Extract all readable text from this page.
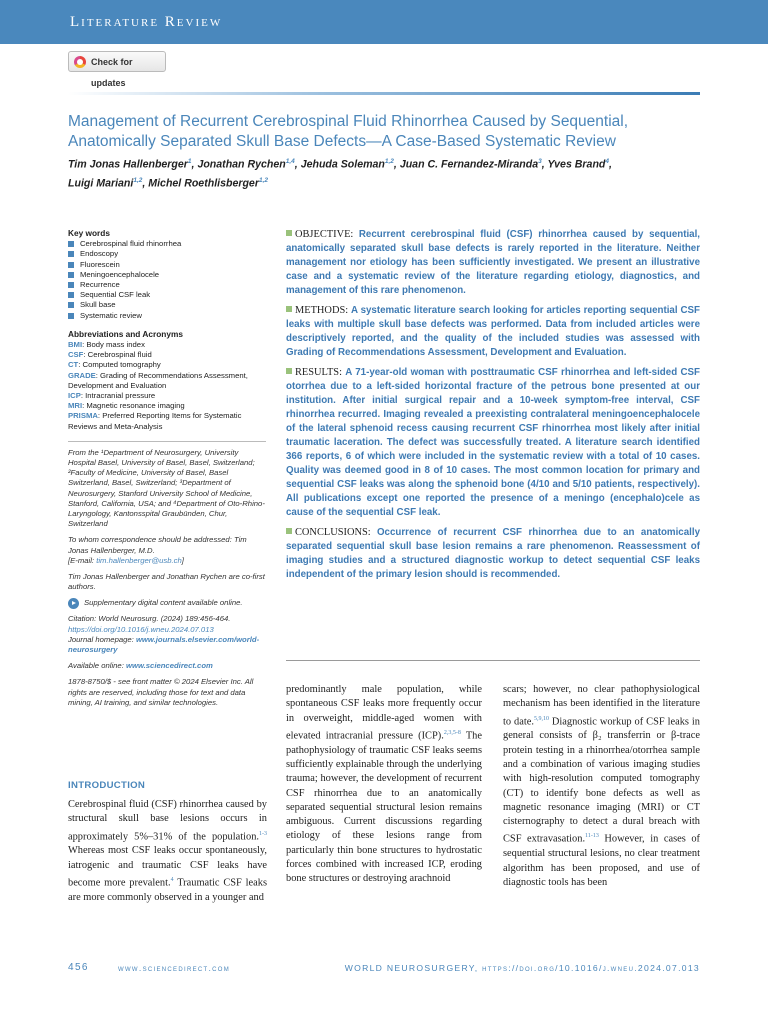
Literature Review
Check for updates
Management of Recurrent Cerebrospinal Fluid Rhinorrhea Caused by Sequential, Anatomically Separated Skull Base Defects—A Case-Based Systematic Review
Tim Jonas Hallenberger$^1$, Jonathan Rychen$^{1,4}$, Jehuda Soleman$^{1,2}$, Juan C. Fernandez-Miranda$^3$, Yves Brand$^4$,
Luigi Mariani$^{1,2}$, Michel Roethlisberger$^{1,2}$
Key words
Cerebrospinal fluid rhinorrhea
Endoscopy
Fluorescein
Meningoencephalocele
Recurrence
Sequential CSF leak
Skull base
Systematic review
Abbreviations and Acronyms
BMI: Body mass index
CSF: Cerebrospinal fluid
CT: Computed tomography
GRADE: Grading of Recommendations Assessment, Development and Evaluation
ICP: Intracranial pressure
MRI: Magnetic resonance imaging
PRISMA: Preferred Reporting Items for Systematic Reviews and Meta-Analysis
From the ¹Department of Neurosurgery, University Hospital Basel, University of Basel, Basel, Switzerland; ²Faculty of Medicine, University of Basel, Basel Switzerland, Basel, Switzerland; ³Department of Neurosurgery, Stanford University School of Medicine, Stanford, California, USA; and ⁴Department of Oto-Rhino-Laryngology, Kantonsspital Graubünden, Chur, Switzerland
To whom correspondence should be addressed: Tim Jonas Hallenberger, M.D.
[E-mail: tim.hallenberger@usb.ch]
Tim Jonas Hallenberger and Jonathan Rychen are co-first authors.
Supplementary digital content available online.
Citation: World Neurosurg. (2024) 189:456-464.
https://doi.org/10.1016/j.wneu.2024.07.013
Journal homepage: www.journals.elsevier.com/world-neurosurgery
Available online: www.sciencedirect.com
1878-8750/$ - see front matter © 2024 Elsevier Inc. All rights are reserved, including those for text and data mining, AI training, and similar technologies.

OBJECTIVE: Recurrent cerebrospinal fluid (CSF) rhinorrhea caused by sequential, anatomically separated skull base defects is rarely reported in the literature. Neither management nor etiology has been sufficiently investigated. We present an illustrative case and a systematic review of the literature regarding etiology, diagnostics, and management of this rare phenomenon.

METHODS: A systematic literature search looking for articles reporting sequential CSF leaks with multiple skull base defects was performed. Data from included articles were descriptively reported, and the quality of the included studies was assessed with Grading of Recommendations Assessment, Development and Evaluation.

RESULTS: A 71-year-old woman with posttraumatic CSF rhinorrhea and left-sided CSF otorrhea due to a left-sided horizontal fracture of the petrous bone presented at our institution. After initial surgical repair and a 10-week symptom-free interval, CSF rhinorrhea recurred. Imaging revealed a preexisting contralateral meningoencephalocele of the lateral sphenoid recess causing recurrent CSF rhinorrhea most likely after initial traumatic laceration. The defect was successfully treated. A literature search identified 366 reports, 6 of which were included in the systematic review with a total of 10 cases. Quality was deemed good in 8 of 10 cases. The most common location for primary and sequential CSF leaks was along the sphenoid bone (4/10 and 5/10 patients, respectively). All publications except one reported the presence of a meningo (encephalo)cele as cause of the sequential CSF leak.

CONCLUSIONS: Occurrence of recurrent CSF rhinorrhea due to an anatomically separated sequential skull base lesion remains a rare phenomenon. Reassessment of imaging studies and a structured diagnostic workup to detect sequential CSF leaks independent of the primary lesion should is recommended.

INTRODUCTION
Cerebrospinal fluid (CSF) rhinorrhea caused by structural skull base lesions occurs in approximately 5%–31% of the population.$^{1-3}$ Whereas most CSF leaks occur spontaneously, iatrogenic and traumatic CSF leaks have become more prevalent.$^4$ Traumatic CSF leaks are more commonly observed in a younger and
predominantly male population, while spontaneous CSF leaks more frequently occur in overweight, middle-aged women with elevated intracranial pressure (ICP).$^{2,3,5-8}$ The pathophysiology of traumatic CSF leaks seems sufficiently explainable through the underlying trauma; however, the development of recurrent CSF rhinorrhea due to an anatomically separated sequential structural lesion remains ambiguous. Current discussions regarding etiology of these lesions range from particularly thin bone structures to hydrostatic forces combined with increased ICP, eroding bone structures or destroying arachnoid
scars; however, no clear pathophysiological mechanism has been identified in the literature to date.$^{5,9,10}$ Diagnostic workup of CSF leaks in general consists of β₂ transferrin or β-trace protein testing in a rhinorrhea/otorrhea sample and a combination of various imaging studies with high-resolution computed tomography (CT) to identify bone defects as well as magnetic resonance imaging (MRI) or CT cisternography to detect a dural breach with CSF extravasation.$^{11-13}$ However, in cases of sequential structural lesions, no clear treatment algorithm has been proposed, and use of diagnostic tools has been
456	www.sciencedirect.com	WORLD NEUROSURGERY, https://doi.org/10.1016/j.wneu.2024.07.013
